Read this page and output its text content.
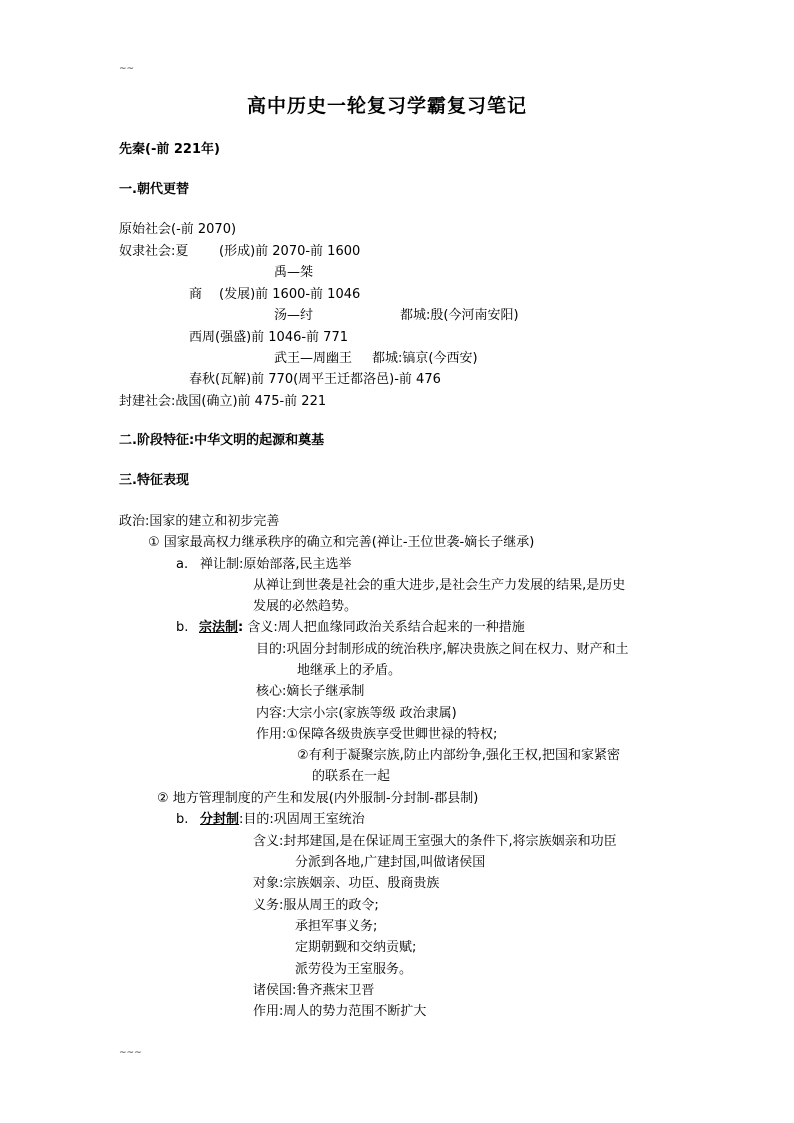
~~
高中历史一轮复习学霸复习笔记
先秦(-前 221年)
一.朝代更替
原始社会(-前 2070)
奴隶社会:夏 (形成)前 2070-前 1600
禹—桀
商 (发展)前 1600-前 1046
汤—纣	都城:殷(今河南安阳)
西周(强盛)前 1046-前 771
武王—周幽王 都城:镐京(今西安)
春秋(瓦解)前 770(周平王迁都洛邑)-前 476
封建社会:战国(确立)前 475-前 221
二.阶段特征:中华文明的起源和奠基
三.特征表现
政治:国家的建立和初步完善
① 国家最高权力继承秩序的确立和完善(禅让-王位世袭-嫡长子继承)
a. 禅让制:原始部落,民主选举
从禅让到世袭是社会的重大进步,是社会生产力发展的结果,是历史
发展的必然趋势。
b. 宗法制: 含义:周人把血缘同政治关系结合起来的一种措施
目的:巩固分封制形成的统治秩序,解决贵族之间在权力、财产和土
地继承上的矛盾。
核心:嫡长子继承制
内容:大宗小宗(家族等级 政治隶属)
作用:①保障各级贵族享受世卿世禄的特权;
②有利于凝聚宗族,防止内部纷争,强化王权,把国和家紧密
的联系在一起
② 地方管理制度的产生和发展(内外服制-分封制-郡县制)
b. 分封制:目的:巩固周王室统治
含义:封邦建国,是在保证周王室强大的条件下,将宗族姻亲和功臣
分派到各地,广建封国,叫做诸侯国
对象:宗族姻亲、功臣、殷商贵族
义务:服从周王的政令;
承担军事义务;
定期朝觐和交纳贡赋;
派劳役为王室服务。
诸侯国:鲁齐燕宋卫晋
作用:周人的势力范围不断扩大
~~~
